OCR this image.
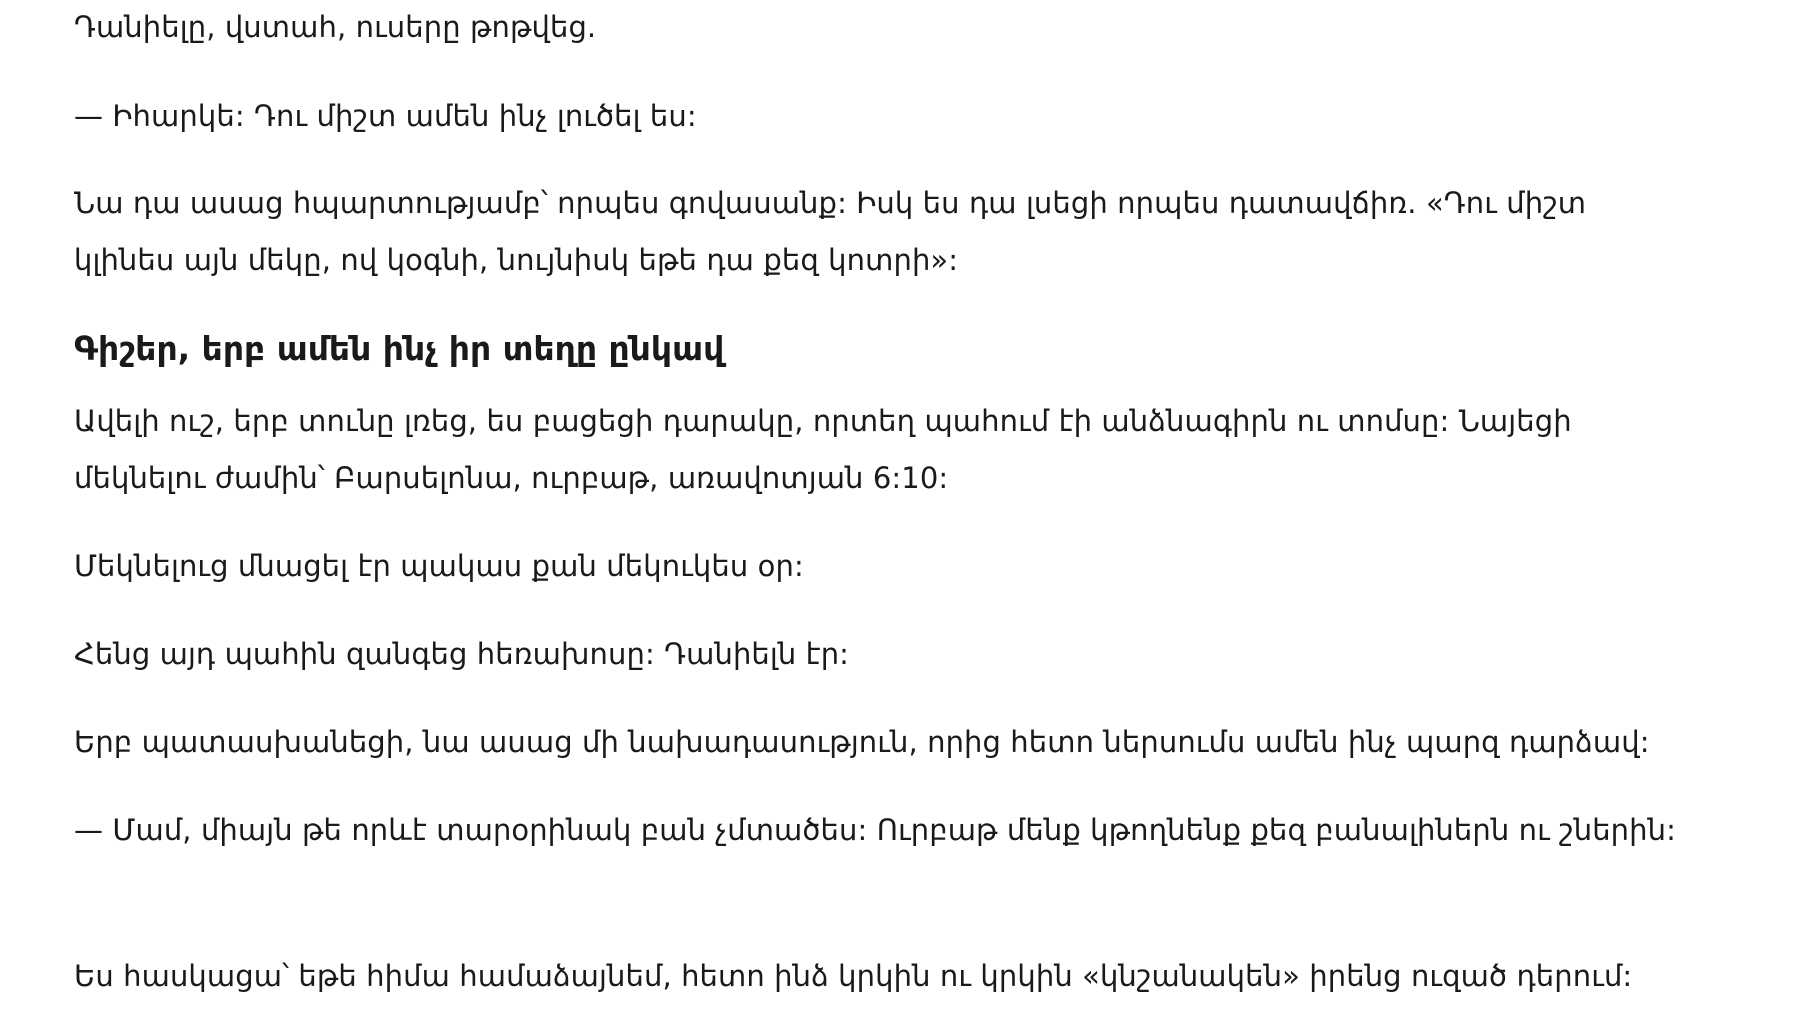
Դանիելը, վստահ, ուսերը թոթվեց.

— Իհարկե: Դու միշտ ամեն ինչ լուծել ես:

Նա դա ասաց հպարտությամբ՝ որպես գովասանք: Իսկ ես դա լսեցի որպես դատավճիռ. «Դու միշտ կլինես այն մեկը, ով կօգնի, նույնիսկ եթե դա քեզ կոտրի»:

Գիշեր, երբ ամեն ինչ իր տեղը ընկավ

Ավելի ուշ, երբ տունը լռեց, ես բացեցի դարակը, որտեղ պահում էի անձնագիրն ու տոմսը: Նայեցի մեկնելու ժամին՝ Բարսելոնա, ուրբաթ, առավոտյան 6:10:

Մեկնելուց մնացել էր պակաս քան մեկուկես օր:

Հենց այդ պահին զանգեց հեռախոսը: Դանիելն էր:

Երբ պատասխանեցի, նա ասաց մի նախադասություն, որից հետո ներսումս ամեն ինչ պարզ դարձավ:

— Մամ, միայն թե որևէ տարօրինակ բան չմտածես: Ուրբաթ մենք կթողնենք քեզ բանալիներն ու շներին:

Ես հասկացա՝ եթե հիմա համաձայնեմ, հետո ինձ կրկին ու կրկին «կնշանակեն» իրենց ուզած դերում:
